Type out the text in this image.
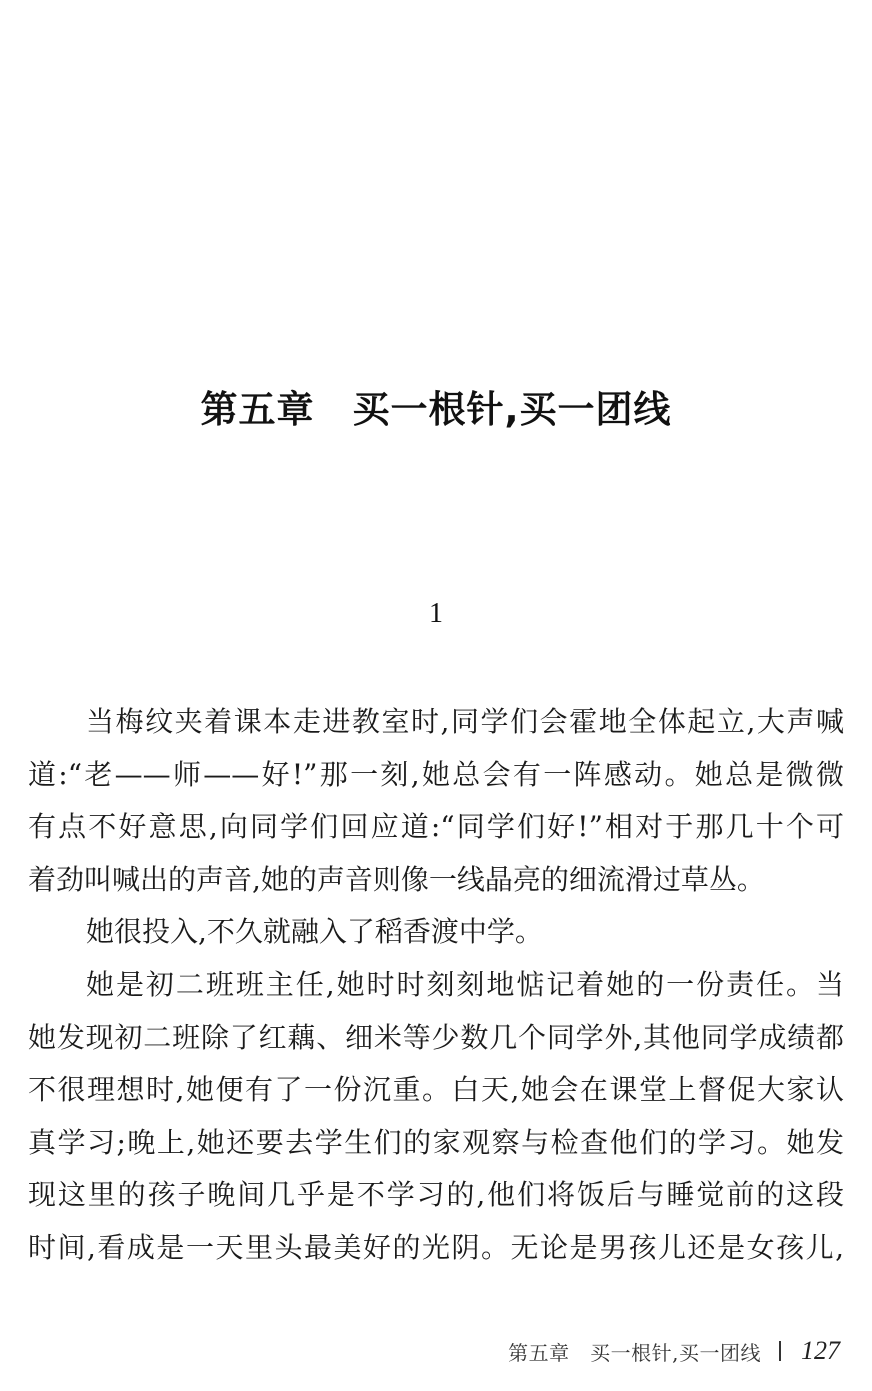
第五章　买一根针,买一团线
1
当梅纹夹着课本走进教室时,同学们会霍地全体起立,大声喊
道:“老——师——好!”那一刻,她总会有一阵感动。她总是微微
有点不好意思,向同学们回应道:“同学们好!”相对于那几十个可
着劲叫喊出的声音,她的声音则像一线晶亮的细流滑过草丛。
她很投入,不久就融入了稻香渡中学。
她是初二班班主任,她时时刻刻地惦记着她的一份责任。当
她发现初二班除了红藕、细米等少数几个同学外,其他同学成绩都
不很理想时,她便有了一份沉重。白天,她会在课堂上督促大家认
真学习;晚上,她还要去学生们的家观察与检查他们的学习。她发
现这里的孩子晚间几乎是不学习的,他们将饭后与睡觉前的这段
时间,看成是一天里头最美好的光阴。无论是男孩儿还是女孩儿,
第五章　买一根针,买一团线 127
